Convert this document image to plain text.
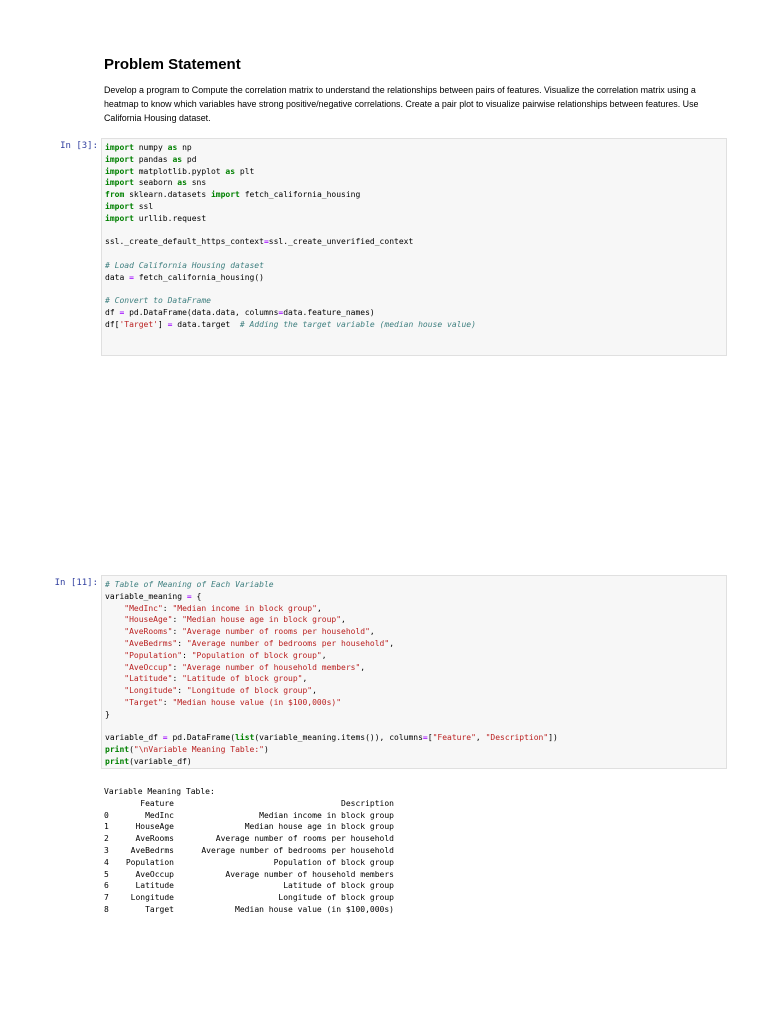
Problem Statement

Develop a program to Compute the correlation matrix to understand the relationships between pairs of features. Visualize the correlation matrix using a heatmap to know which variables have strong positive/negative correlations. Create a pair plot to visualize pairwise relationships between features. Use California Housing dataset.

In [3]: import numpy as np
import pandas as pd
import matplotlib.pyplot as plt
import seaborn as sns
from sklearn.datasets import fetch_california_housing
import ssl
import urllib.request
ssl._create_default_https_context=ssl._create_unverified_context
# Load California Housing dataset
data = fetch_california_housing()
# Convert to DataFrame
df = pd.DataFrame(data.data, columns=data.feature_names)
df['Target'] = data.target  # Adding the target variable (median house value)
In [11]: # Table of Meaning of Each Variable
variable_meaning = {
"MedInc": "Median income in block group",
"HouseAge": "Median house age in block group",
"AveRooms": "Average number of rooms per household",
"AveBedrms": "Average number of bedrooms per household",
"Population": "Population of block group",
"AveOccup": "Average number of household members",
"Latitude": "Latitude of block group",
"Longitude": "Longitude of block group",
"Target": "Median house value (in $100,000s)"
}
variable_df = pd.DataFrame(list(variable_meaning.items()), columns=["Feature", "Description"])
print("\nVariable Meaning Table:")
print(variable_df)
Variable Meaning Table:
Feature	Description
0	MedInc	Median income in block group
1	HouseAge	Median house age in block group
2	AveRooms	Average number of rooms per household
3	AveBedrms	Average number of bedrooms per household
4 Population	Population of block group
5	AveOccup	Average number of household members
6	Latitude	Latitude of block group
7	Longitude	Longitude of block group
8	Target	Median house value (in $100,000s)
